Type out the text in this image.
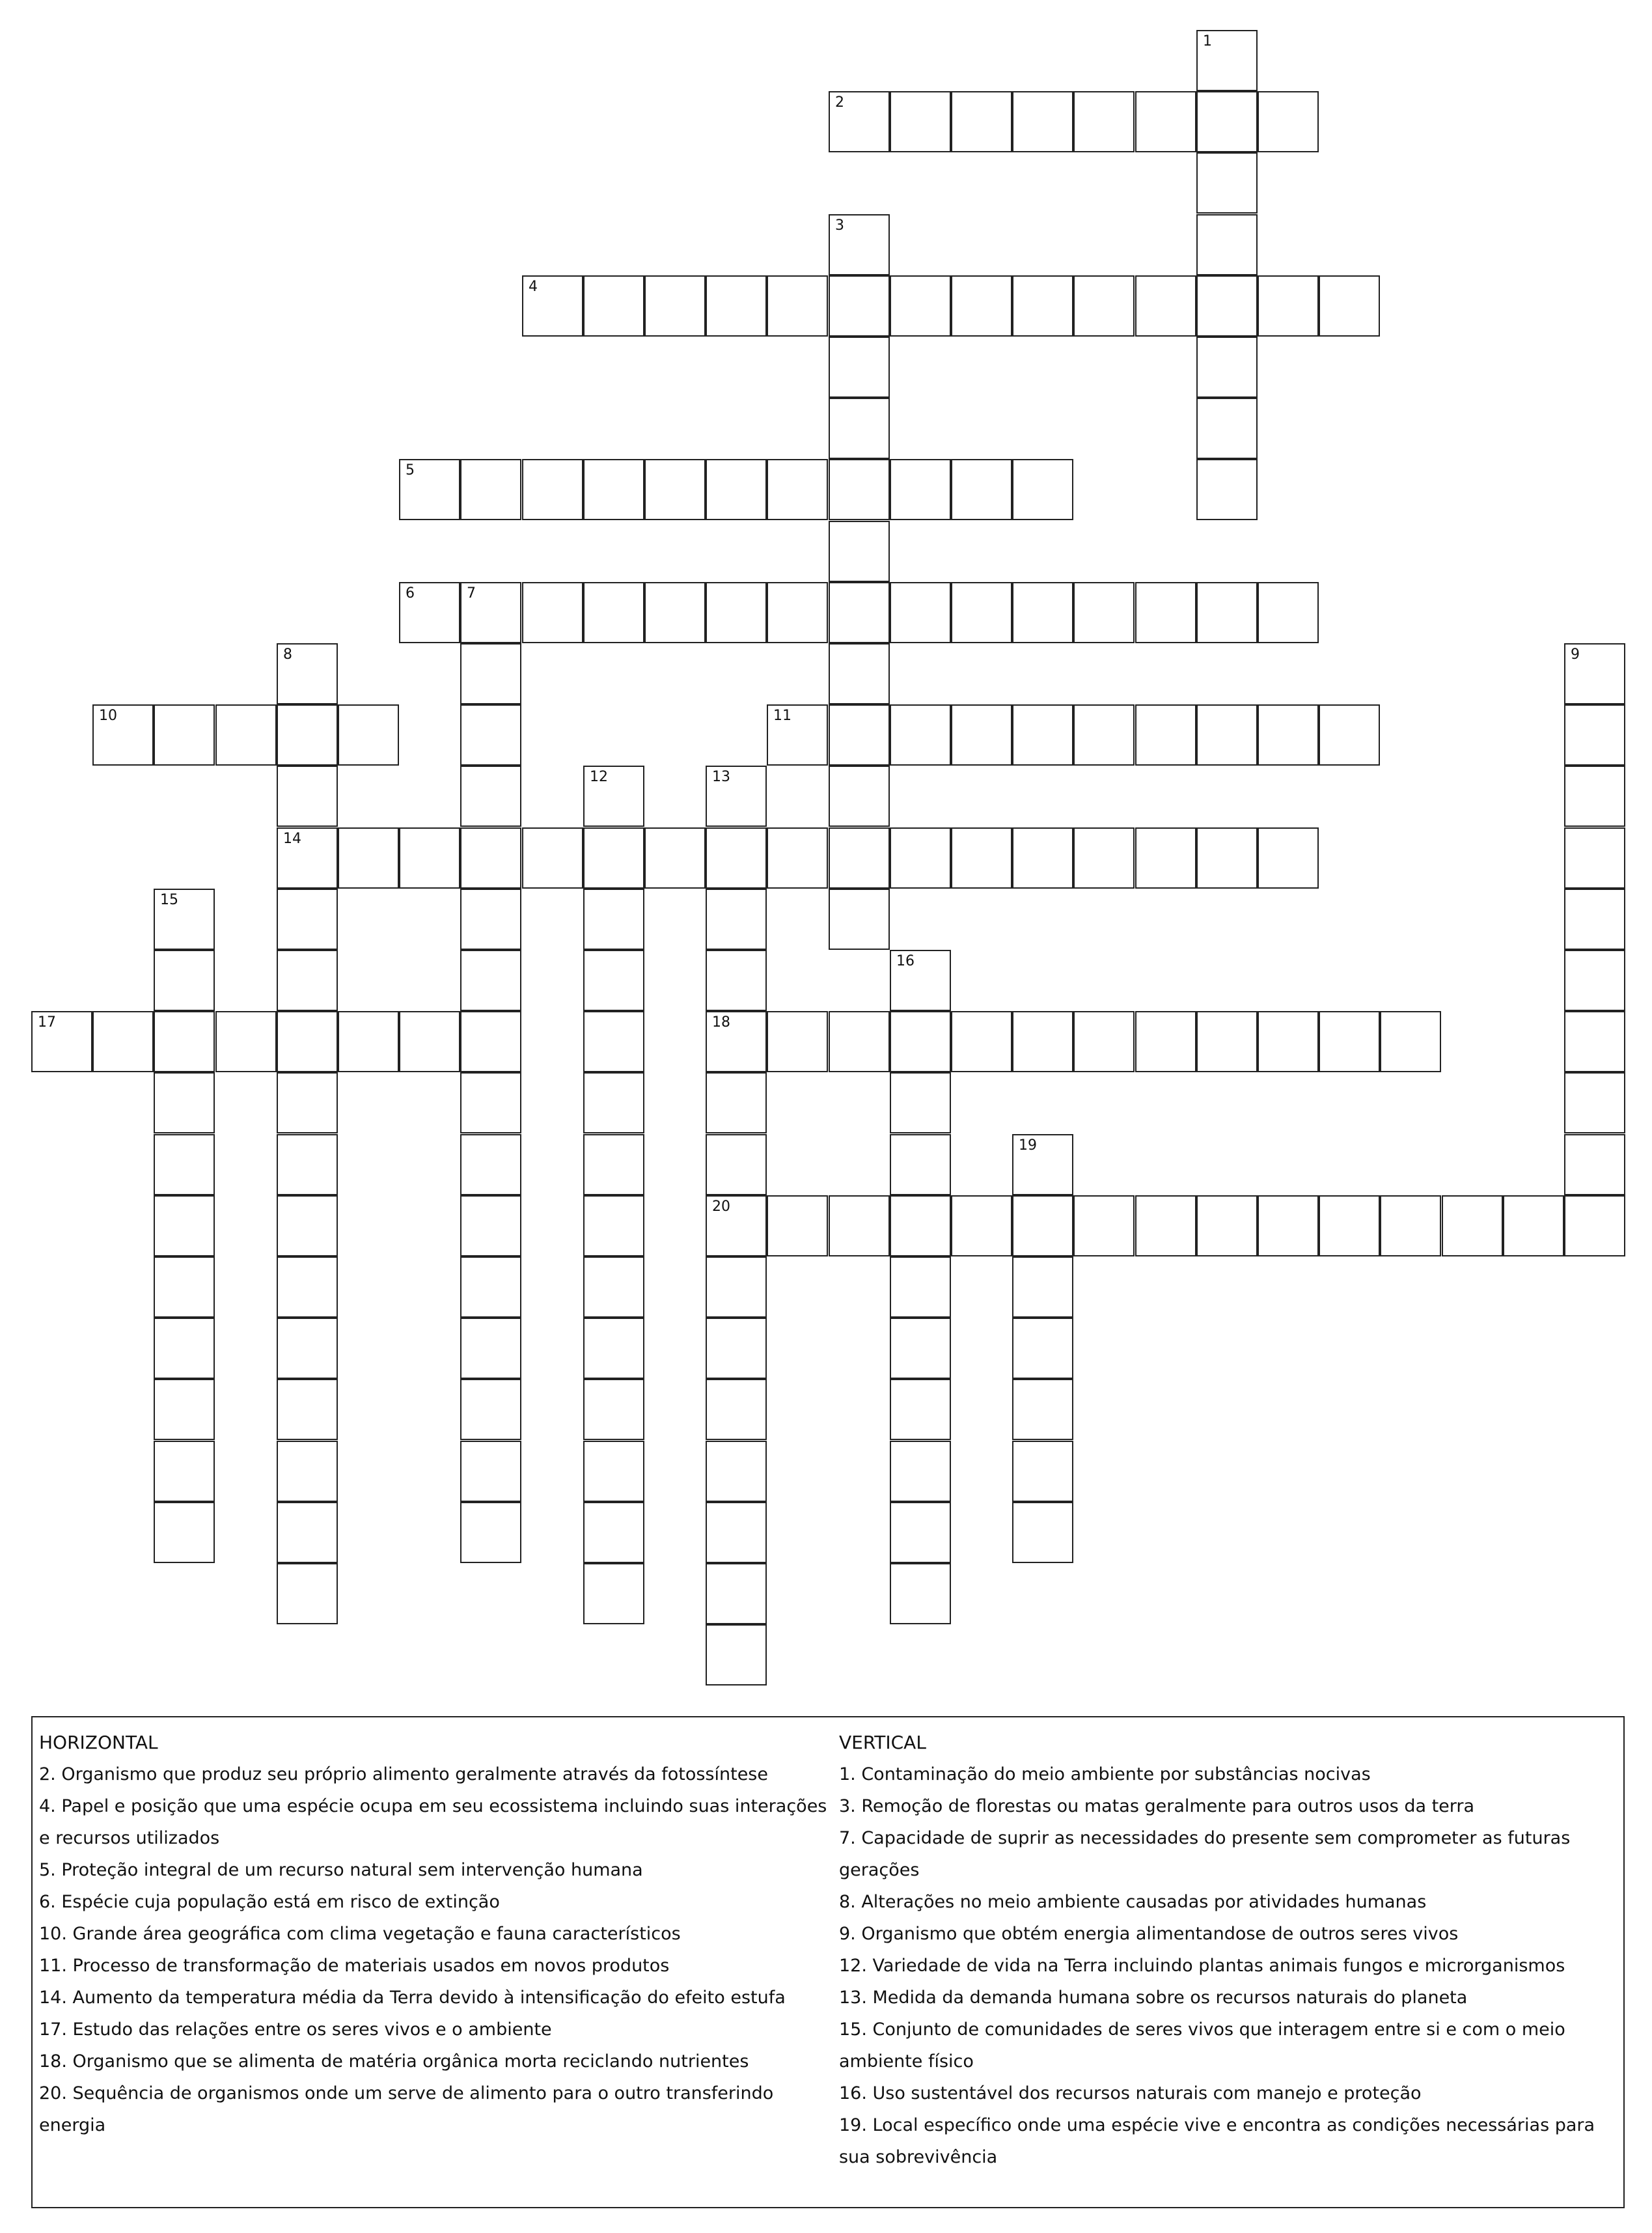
1
2
3
4
5
6	7
8
14
9
10	11
12	13
18
20
15
16
17
19
HORIZONTAL
2. Organismo que produz seu próprio alimento geralmente através da fotossíntese
4. Papel e posição que uma espécie ocupa em seu ecossistema incluindo suas interações e recursos utilizados
5. Proteção integral de um recurso natural sem intervenção humana
6. Espécie cuja população está em risco de extinção
10. Grande área geográfica com clima vegetação e fauna característicos
11. Processo de transformação de materiais usados em novos produtos
14. Aumento da temperatura média da Terra devido à intensificação do efeito estufa
17. Estudo das relações entre os seres vivos e o ambiente
18. Organismo que se alimenta de matéria orgânica morta reciclando nutrientes
20. Sequência de organismos onde um serve de alimento para o outro transferindo energia
VERTICAL
1. Contaminação do meio ambiente por substâncias nocivas
3. Remoção de florestas ou matas geralmente para outros usos da terra
7. Capacidade de suprir as necessidades do presente sem comprometer as futuras gerações
8. Alterações no meio ambiente causadas por atividades humanas
9. Organismo que obtém energia alimentandose de outros seres vivos
12. Variedade de vida na Terra incluindo plantas animais fungos e microrganismos
13. Medida da demanda humana sobre os recursos naturais do planeta
15. Conjunto de comunidades de seres vivos que interagem entre si e com o meio ambiente físico
16. Uso sustentável dos recursos naturais com manejo e proteção
19. Local específico onde uma espécie vive e encontra as condições necessárias para sua sobrevivência
